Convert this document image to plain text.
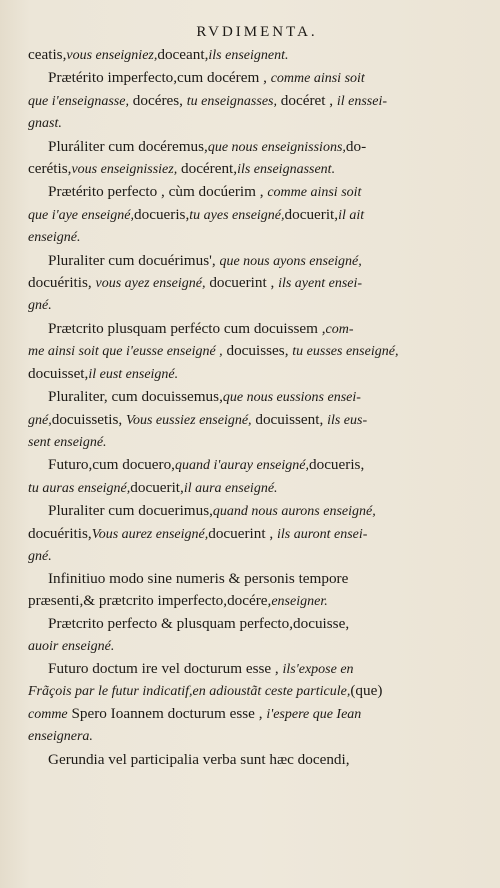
RVDIMENTA.
ceatis,vous enseigniez,doceant,ils enseignent.
Prætérito imperfecto,cum docérem , comme ainsi soit
que i'enseignasse, docéres, tu enseignasses, docéret , il enssei-
gnast.
Pluráliter cum docéremus,que nous enseignissions,do-
cerétis,vous enseignissiez, docérent,ils enseignassent.
Prætérito perfecto , cùm docúerim , comme ainsi soit
que i'aye enseigné,docueris,tu ayes enseigné,docuerit,il ait
enseigné.
Pluraliter cum docuérimus', que nous ayons enseigné,
docuéritis, vous ayez enseigné, docuerint , ils ayent ensei-
gné.
Prætcrito plusquam perfécto cum docuissem ,com-
me ainsi soit que i'eusse enseigné , docuisses, tu eusses enseigné,
docuisset,il eust enseigné.
Pluraliter, cum docuissemus,que nous eussions ensei-
gné,docuissetis, Vous eussiez enseigné, docuissent, ils eus-
sent enseigné.
Futuro,cum docuero,quand i'auray enseigné,docueris,
tu auras enseigné,docuerit,il aura enseigné.
Pluraliter cum docuerimus,quand nous aurons enseigné,
docuéritis,Vous aurez enseigné,docuerint , ils auront ensei-
gné.
Infinitiuo modo sine numeris & personis tempore
præsenti,& prætcrito imperfecto,docére,enseigner.
Prætcrito perfecto & plusquam perfecto,docuisse,
auoir enseigné.
Futuro doctum ire vel docturum esse , ils'expose en
Frãçois par le futur indicatif,en adioustãt ceste particule,(que)
comme Spero Ioannem docturum esse , i'espere que Iean
enseignera.
Gerundia vel participalia verba sunt hæc docendi,
